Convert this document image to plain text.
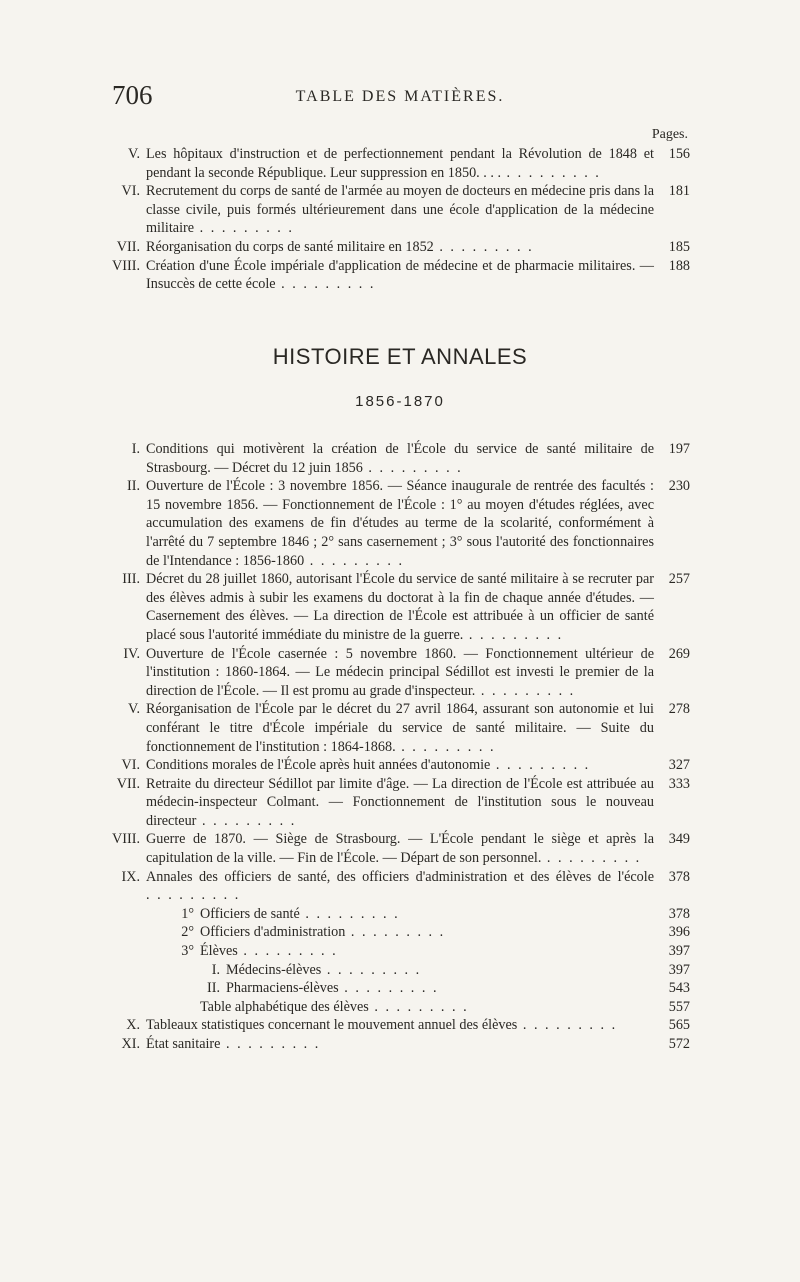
706	TABLE DES MATIÈRES.
Pages.
V. Les hôpitaux d'instruction et de perfectionnement pendant la Révolution de 1848 et pendant la seconde République. Leur suppression en 1850. . . . . . . . . . . . .
156
VI. Recrutement du corps de santé de l'armée au moyen de docteurs en médecine pris dans la classe civile, puis formés ultérieurement dans une école d'application de la médecine militaire . . . . . . . . .
181
VII. Réorganisation du corps de santé militaire en 1852 . . . . . . . . .	185
VIII. Création d'une École impériale d'application de médecine et de pharmacie militaires. — Insuccès de cette école . . . . . . . . .
188
HISTOIRE ET ANNALES
1856-1870
I. Conditions qui motivèrent la création de l'École du service de santé militaire de Strasbourg. — Décret du 12 juin 1856 . . . . . . . . .
197
II. Ouverture de l'École : 3 novembre 1856. — Séance inaugurale de rentrée des facultés : 15 novembre 1856. — Fonctionnement de l'École : 1° au moyen d'études réglées, avec accumulation des examens de fin d'études au terme de la scolarité, conformément à l'arrêté du 7 septembre 1846 ; 2° sans casernement ; 3° sous l'autorité des fonctionnaires de l'Intendance : 1856-1860 . . . . . . . . .
230
III. Décret du 28 juillet 1860, autorisant l'École du service de santé militaire à se recruter par des élèves admis à subir les examens du doctorat à la fin de chaque année d'études. — Casernement des élèves. — La direction de l'École est attribuée à un officier de santé placé sous l'autorité immédiate du ministre de la guerre. . . . . . . . . .
257
IV. Ouverture de l'École casernée : 5 novembre 1860. — Fonctionnement ultérieur de l'institution : 1860-1864. — Le médecin principal Sédillot est investi le premier de la direction de l'École. — Il est promu au grade d'inspecteur. . . . . . . . . .
269
V. Réorganisation de l'École par le décret du 27 avril 1864, assurant son autonomie et lui conférant le titre d'École impériale du service de santé militaire. — Suite du fonctionnement de l'institution : 1864-1868. . . . . . . . . .
278
VI. Conditions morales de l'École après huit années d'autonomie . . . . . . . . .	327
VII. Retraite du directeur Sédillot par limite d'âge. — La direction de l'École est attribuée au médecin-inspecteur Colmant. — Fonctionnement de l'institution sous le nouveau directeur . . . . . . . . .
333
VIII. Guerre de 1870. — Siège de Strasbourg. — L'École pendant le siège et après la capitulation de la ville. — Fin de l'École. — Départ de son personnel. . . . . . . . . .
349
IX. Annales des officiers de santé, des officiers d'administration et des élèves de l'école . . . . . . . . .
378
1° Officiers de santé . . . . . . . . .	378
2° Officiers d'administration . . . . . . . . .	396
3° Élèves . . . . . . . . .	397
I. Médecins-élèves . . . . . . . . .	397
II. Pharmaciens-élèves . . . . . . . . .	543
Table alphabétique des élèves . . . . . . . . .	557
X. Tableaux statistiques concernant le mouvement annuel des élèves . . . . . . . . .	565
XI. État sanitaire . . . . . . . . .	572
